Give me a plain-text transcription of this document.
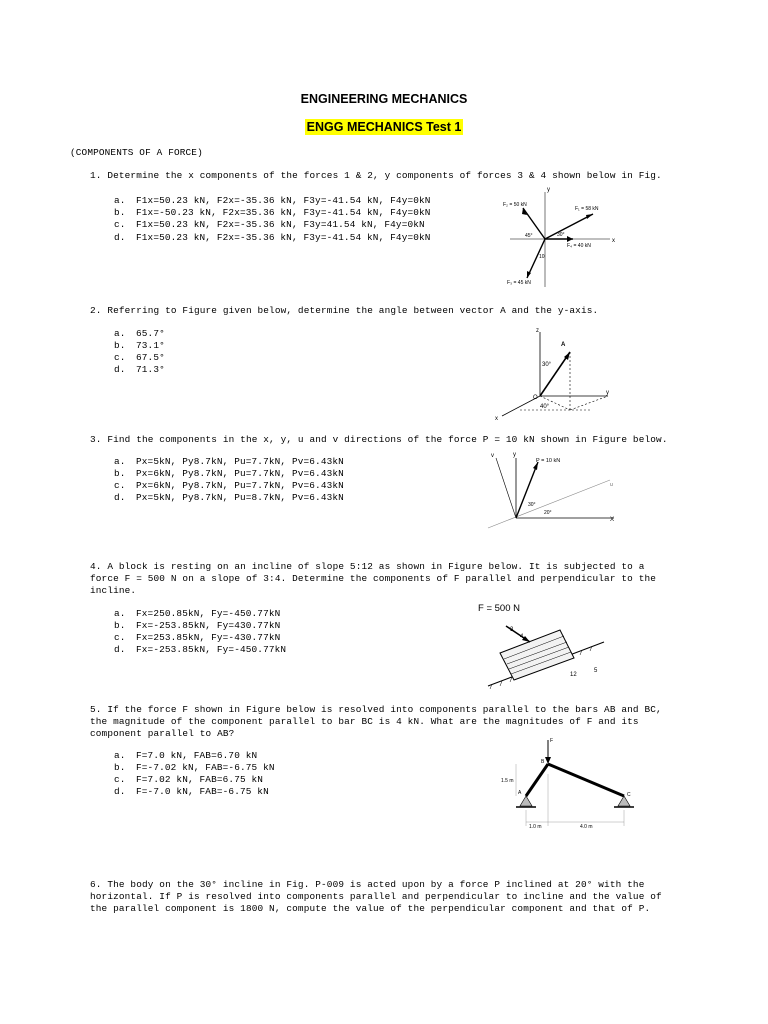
ENGINEERING MECHANICS
ENGG MECHANICS Test 1
(COMPONENTS OF A FORCE)
1. Determine the x components of the forces 1 & 2, y components of forces 3 & 4 shown below in Fig.
a. F1x=50.23 kN, F2x=-35.36 kN, F3y=-41.54 kN, F4y=0kN
b. F1x=-50.23 kN, F2x=35.36 kN, F3y=-41.54 kN, F4y=0kN
c. F1x=50.23 kN, F2x=-35.36 kN, F3y=41.54 kN, F4y=0kN
d. F1x=50.23 kN, F2x=-35.36 kN, F3y=-41.54 kN, F4y=0kN
y
x
F₂ = 50 kN
F₁ = 58 kN
F₄ = 40 kN
F₃ = 45 kN
45°	30°
10
2. Referring to Figure given below, determine the angle between vector A and the y-axis.
a. 65.7°
b. 73.1°
c. 67.5°
d. 71.3°
z
A
30°
O
40°
y
x
3. Find the components in the x, y, u and v directions of the force P = 10 kN shown in Figure below.
a. Px=5kN, Py8.7kN, Pu=7.7kN, Pv=6.43kN
b. Px=6kN, Py8.7kN, Pu=7.7kN, Pv=6.43kN
c. Px=6kN, Py8.7kN, Pu=7.7kN, Pv=6.43kN
d. Px=5kN, Py8.7kN, Pu=8.7kN, Pv=6.43kN
v	y
P = 10 kN
u
30°
20°
X
4. A block is resting on an incline of slope 5:12 as shown in Figure below. It is subjected to a
force F = 500 N on a slope of 3:4. Determine the components of F parallel and perpendicular to the
incline.
a. Fx=250.85kN, Fy=-450.77kN
b. Fx=-253.85kN, Fy=430.77kN
c. Fx=253.85kN, Fy=-430.77kN
d. Fx=-253.85kN, Fy=-450.77kN
F = 500 N
3
4
12
5
5. If the force F shown in Figure below is resolved into components parallel to the bars AB and BC,
the magnitude of the component parallel to bar BC is 4 kN. What are the magnitudes of F and its
component parallel to AB?
a. F=7.0 kN, FAB=6.70 kN
b. F=-7.02 kN, FAB=-6.75 kN
c. F=7.02 kN, FAB=6.75 kN
d. F=-7.0 kN, FAB=-6.75 kN
F
B
1.5 m
A	C
1.0 m	4.0 m
6. The body on the 30° incline in Fig. P-009 is acted upon by a force P inclined at 20° with the
horizontal. If P is resolved into components parallel and perpendicular to incline and the value of
the parallel component is 1800 N, compute the value of the perpendicular component and that of P.
